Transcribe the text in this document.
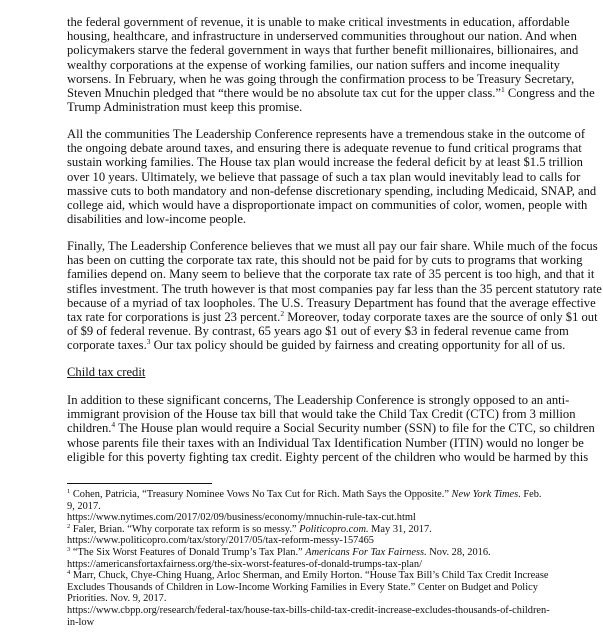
the federal government of revenue, it is unable to make critical investments in education, affordable
housing, healthcare, and infrastructure in underserved communities throughout our nation. And when
policymakers starve the federal government in ways that further benefit millionaires, billionaires, and
wealthy corporations at the expense of working families, our nation suffers and income inequality
worsens. In February, when he was going through the confirmation process to be Treasury Secretary,
Steven Mnuchin pledged that “there would be no absolute tax cut for the upper class.”$^1$ Congress and the
Trump Administration must keep this promise.
All the communities The Leadership Conference represents have a tremendous stake in the outcome of
the ongoing debate around taxes, and ensuring there is adequate revenue to fund critical programs that
sustain working families. The House tax plan would increase the federal deficit by at least $1.5 trillion
over 10 years. Ultimately, we believe that passage of such a tax plan would inevitably lead to calls for
massive cuts to both mandatory and non-defense discretionary spending, including Medicaid, SNAP, and
college aid, which would have a disproportionate impact on communities of color, women, people with
disabilities and low-income people.
Finally, The Leadership Conference believes that we must all pay our fair share. While much of the focus
has been on cutting the corporate tax rate, this should not be paid for by cuts to programs that working
families depend on. Many seem to believe that the corporate tax rate of 35 percent is too high, and that it
stifles investment. The truth however is that most companies pay far less than the 35 percent statutory rate
because of a myriad of tax loopholes. The U.S. Treasury Department has found that the average effective
tax rate for corporations is just 23 percent.$^2$ Moreover, today corporate taxes are the source of only $1 out
of $9 of federal revenue. By contrast, 65 years ago $1 out of every $3 in federal revenue came from
corporate taxes.$^3$ Our tax policy should be guided by fairness and creating opportunity for all of us.
Child tax credit
In addition to these significant concerns, The Leadership Conference is strongly opposed to an anti-
immigrant provision of the House tax bill that would take the Child Tax Credit (CTC) from 3 million
children.$^4$ The House plan would require a Social Security number (SSN) to file for the CTC, so children
whose parents file their taxes with an Individual Tax Identification Number (ITIN) would no longer be
eligible for this poverty fighting tax credit. Eighty percent of the children who would be harmed by this
$^1$ Cohen, Patricia, “Treasury Nominee Vows No Tax Cut for Rich. Math Says the Opposite.” New York Times. Feb.
9, 2017.
https://www.nytimes.com/2017/02/09/business/economy/mnuchin-rule-tax-cut.html
$^2$ Faler, Brian. “Why corporate tax reform is so messy.” Politicopro.com. May 31, 2017.
https://www.politicopro.com/tax/story/2017/05/tax-reform-messy-157465
$^3$ “The Six Worst Features of Donald Trump’s Tax Plan.” Americans For Tax Fairness. Nov. 28, 2016.
https://americansfortaxfairness.org/the-six-worst-features-of-donald-trumps-tax-plan/
$^4$ Marr, Chuck, Chye-Ching Huang, Arloc Sherman, and Emily Horton. “House Tax Bill’s Child Tax Credit Increase
Excludes Thousands of Children in Low-Income Working Families in Every State.” Center on Budget and Policy
Priorities. Nov. 9, 2017.
https://www.cbpp.org/research/federal-tax/house-tax-bills-child-tax-credit-increase-excludes-thousands-of-children-
in-low
